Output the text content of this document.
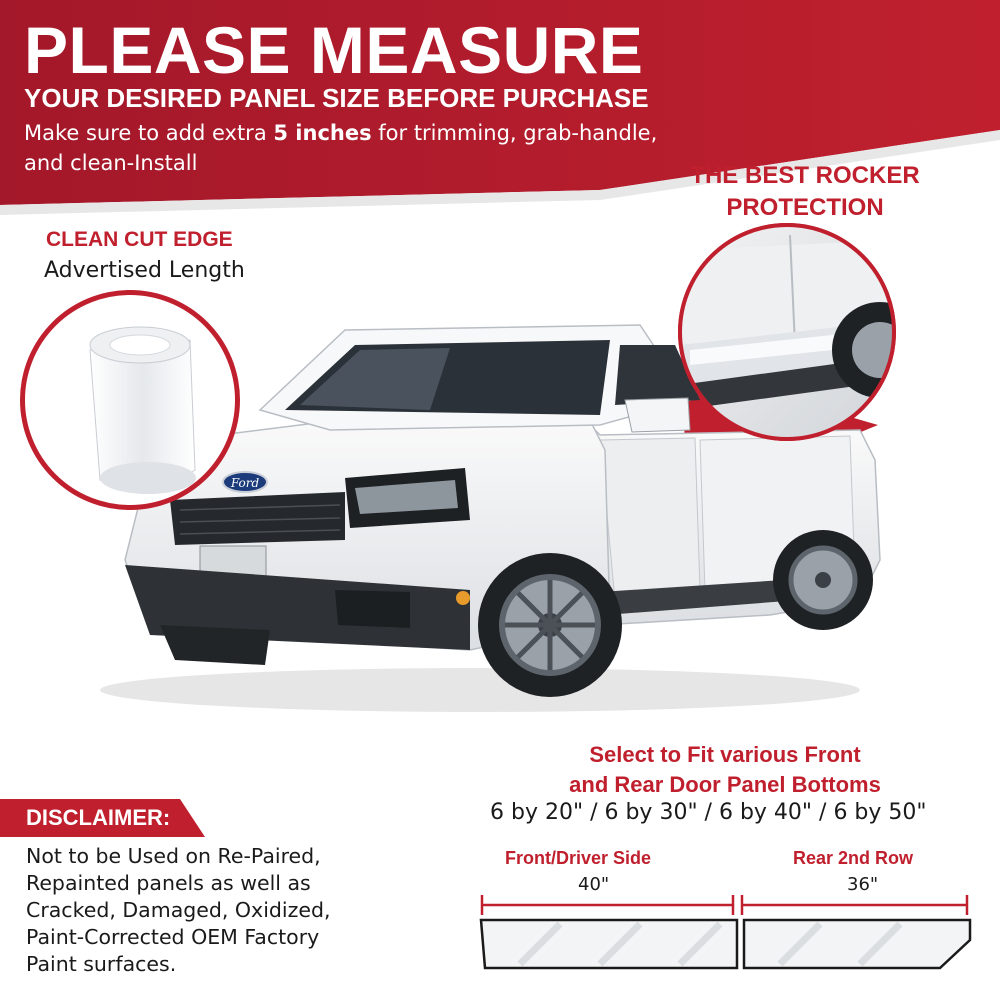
PLEASE MEASURE
YOUR DESIRED PANEL SIZE BEFORE PURCHASE
Make sure to add extra 5 inches for trimming, grab-handle, and clean-Install
Ford
THE BEST ROCKER
PROTECTION
CLEAN CUT EDGE
Advertised Length
Select to Fit various Front
and Rear Door Panel Bottoms
6 by 20" / 6 by 30" / 6 by 40" / 6 by 50"
Front/Driver Side
40"
Rear 2nd Row
36"
DISCLAIMER:
Not to be Used on Re-Paired,
Repainted panels as well as
Cracked, Damaged, Oxidized,
Paint-Corrected OEM Factory
Paint surfaces.
